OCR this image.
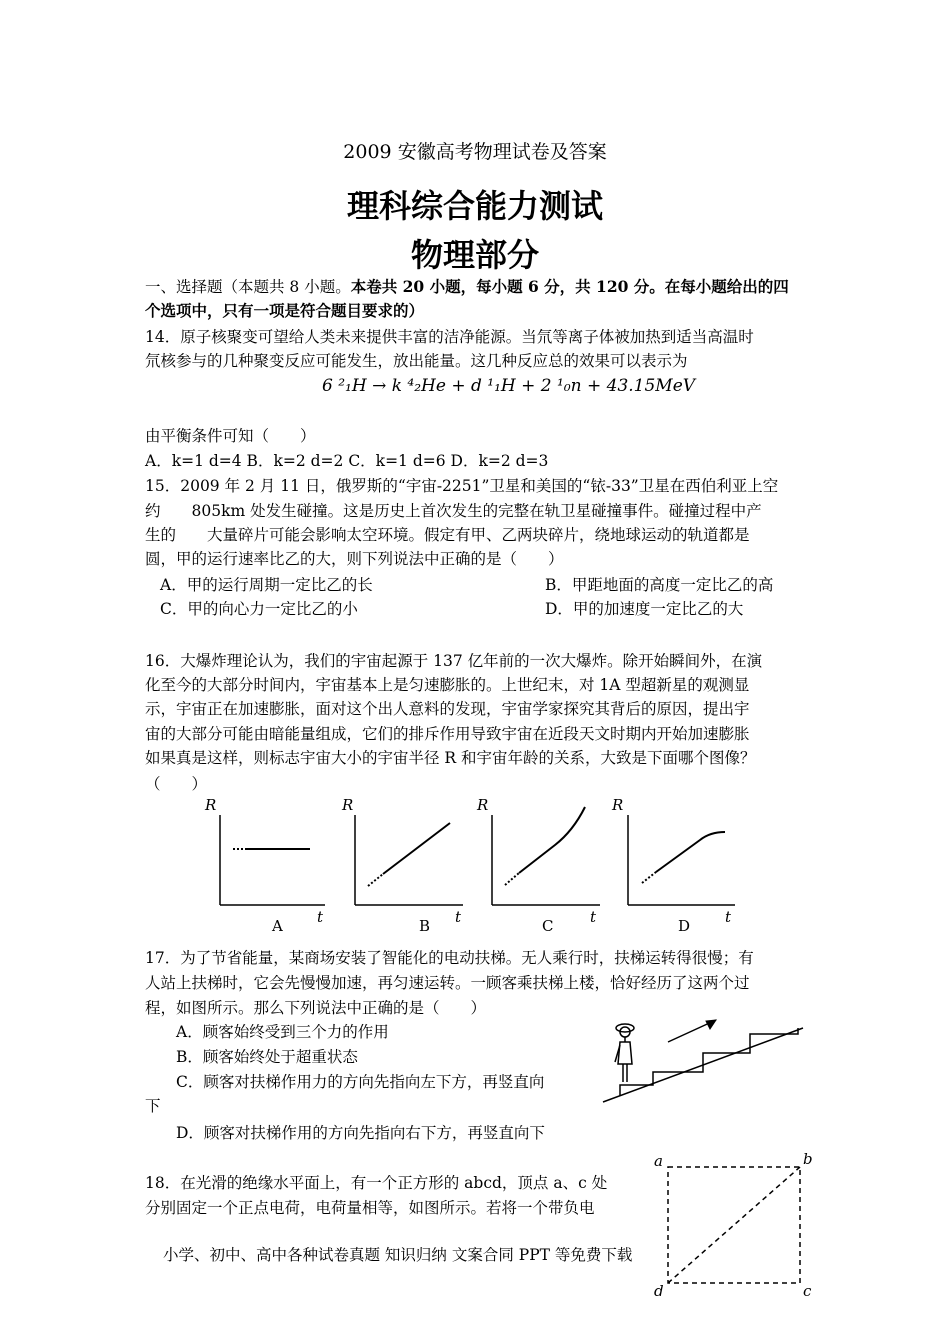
2009 安徽高考物理试卷及答案
理科综合能力测试
物理部分
一、选择题（本题共 8 小题。本卷共 20 小题，每小题 6 分，共 120 分。在每小题给出的四
个选项中，只有一项是符合题目要求的）
14．原子核聚变可望给人类未来提供丰富的洁净能源。当氘等离子体被加热到适当高温时
氘核参与的几种聚变反应可能发生，放出能量。这几种反应总的效果可以表示为
6 ²₁H → k ⁴₂He + d ¹₁H + 2 ¹₀n + 43.15MeV
由平衡条件可知（　　）
A．k=1 d=4 B．k=2 d=2 C．k=1 d=6 D．k=2 d=3
15．2009 年 2 月 11 日，俄罗斯的“宇宙-2251”卫星和美国的“铱-33”卫星在西伯利亚上空
约　　805km 处发生碰撞。这是历史上首次发生的完整在轨卫星碰撞事件。碰撞过程中产
生的　　大量碎片可能会影响太空环境。假定有甲、乙两块碎片，绕地球运动的轨道都是
圆，甲的运行速率比乙的大，则下列说法中正确的是（　　）
A．甲的运行周期一定比乙的长	B．甲距地面的高度一定比乙的高
C．甲的向心力一定比乙的小	D．甲的加速度一定比乙的大
16．大爆炸理论认为，我们的宇宙起源于 137 亿年前的一次大爆炸。除开始瞬间外，在演
化至今的大部分时间内，宇宙基本上是匀速膨胀的。上世纪末，对 1A 型超新星的观测显
示，宇宙正在加速膨胀，面对这个出人意料的发现，宇宙学家探究其背后的原因，提出宇
宙的大部分可能由暗能量组成，它们的排斥作用导致宇宙在近段天文时期内开始加速膨胀
如果真是这样，则标志宇宙大小的宇宙半径 R 和宇宙年龄的关系，大致是下面哪个图像？
（　　）
R	R	R	R
t	t	t	t
A	B	C	D
17．为了节省能量，某商场安装了智能化的电动扶梯。无人乘行时，扶梯运转得很慢；有
人站上扶梯时，它会先慢慢加速，再匀速运转。一顾客乘扶梯上楼，恰好经历了这两个过
程，如图所示。那么下列说法中正确的是（　　）
A．顾客始终受到三个力的作用
B．顾客始终处于超重状态
C．顾客对扶梯作用力的方向先指向左下方，再竖直向
下
D．顾客对扶梯作用的方向先指向右下方，再竖直向下
18．在光滑的绝缘水平面上，有一个正方形的 abcd，顶点 a、c 处
分别固定一个正点电荷，电荷量相等，如图所示。若将一个带负电
a	b
c
d
小学、初中、高中各种试卷真题 知识归纳 文案合同 PPT 等免费下载
